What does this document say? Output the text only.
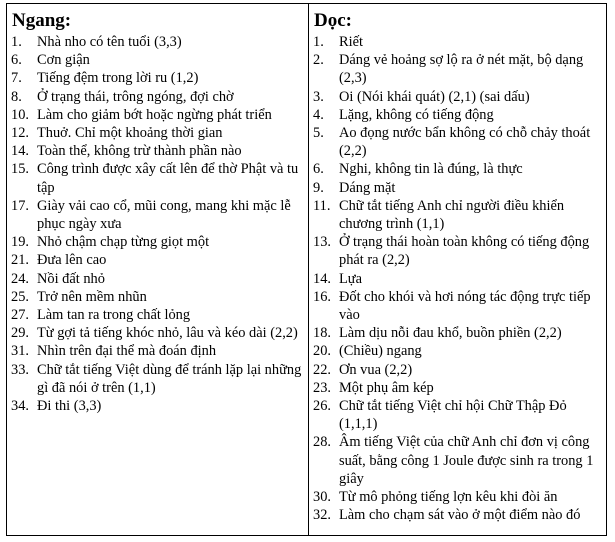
Ngang:
1.	Nhà nho có tên tuổi (3,3)
6.	Cơn giận
7.	Tiếng đệm trong lời ru (1,2)
8.	Ở trạng thái, trông ngóng, đợi chờ
10. Làm cho giảm bớt hoặc ngừng phát triển
12. Thuở. Chỉ một khoảng thời gian
14. Toàn thể, không trừ thành phần nào
15. Công trình được xây cất lên để thờ Phật và tu tập
17. Giày vải cao cổ, mũi cong, mang khi mặc lễ phục ngày xưa
19. Nhỏ chậm chạp từng giọt một
21. Đưa lên cao
24. Nồi đất nhỏ
25. Trở nên mềm nhũn
27. Làm tan ra trong chất lỏng
29. Từ gợi tả tiếng khóc nhỏ, lâu và kéo dài (2,2)
31. Nhìn trên đại thể mà đoán định
33. Chữ tắt tiếng Việt dùng để tránh lặp lại những gì đã nói ở trên (1,1)
34. Đi thi (3,3)
Dọc:
1.	Riết
2.	Dáng vẻ hoảng sợ lộ ra ở nét mặt, bộ dạng (2,3)
3.	Oi (Nói khái quát) (2,1) (sai dấu)
4.	Lặng, không có tiếng động
5.	Ao đọng nước bẩn không có chỗ chảy thoát (2,2)
6.	Nghi, không tin là đúng, là thực
9.	Dáng mặt
11. Chữ tắt tiếng Anh chỉ người điều khiển chương trình (1,1)
13. Ở trạng thái hoàn toàn không có tiếng động phát ra (2,2)
14. Lựa
16. Đốt cho khói và hơi nóng tác động trực tiếp vào
18. Làm dịu nỗi đau khổ, buồn phiền (2,2)
20. (Chiều) ngang
22. Ơn vua (2,2)
23. Một phụ âm kép
26. Chữ tắt tiếng Việt chỉ hội Chữ Thập Đỏ (1,1,1)
28. Âm tiếng Việt của chữ Anh chỉ đơn vị công suất, bằng công 1 Joule được sinh ra trong 1 giây
30. Từ mô phỏng tiếng lợn kêu khi đòi ăn
32. Làm cho chạm sát vào ở một điểm nào đó
